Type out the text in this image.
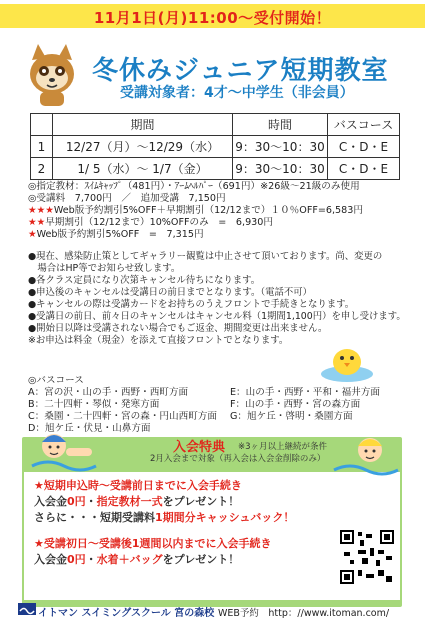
11月1日(月)11:00～受付開始！
冬休みジュニア短期教室
受講対象者：4才～中学生（非会員）
	期間	時間	バスコース
1	12/27（月）～12/29（水）	9：30～10：30	C・D・E
2	1/ 5（水）～ 1/7（金）	9：30～10：30	C・D・E
◎指定教材：ｽｲﾑｷｬｯﾌﾟ（481円）・ｱｰﾑﾍﾙﾊﾟｰ（691円）※26級～21級のみ使用
◎受講料　7,700円　／　追加受講　7,150円
★★★Web版予約割引5%OFF＋早期割引（12/12まで）１０％OFF=6,583円
★★早期割引（12/12まで）10%OFFのみ　=　6,930円
★Web版予約割引5%OFF　=　7,315円
●現在、感染防止策としてギャラリー観覧は中止させて頂いております。尚、変更の
　場合はHP等でお知らせ致します。
●各クラス定員になり次第キャンセル待ちになります。
●申込後のキャンセルは受講日の前日までとなります。（電話不可）
●キャンセルの際は受講カードをお持ちのうえフロントで手続きとなります。
●受講日の前日、前々日のキャンセルはキャンセル料（1期間1,100円）を申し受けます。
●開始日以降は受講されない場合でもご返金、期間変更は出来ません。
※お申込は料金（現金）を添えて直接フロントでとなります。
◎バスコース
A：宮の沢・山の手・西野・西町方面
B：二十四軒・琴似・発寒方面
C：桑園・二十四軒・宮の森・円山西町方面
D：旭ケ丘・伏見・山鼻方面
E：山の手・西野・平和・福井方面
F：山の手・西野・宮の森方面
G：旭ケ丘・啓明・桑園方面
入会特典 ※3ヶ月以上継続が条件
2月入会まで対象（再入会は入会金削除のみ）
★短期申込時～受講前日までに入会手続き
入会金0円・指定教材一式をプレゼント！
さらに・・・短期受講料1期間分キャッシュバック！
★受講初日～受講後1週間以内までに入会手続き
入会金0円・水着＋バッグをプレゼント！
イトマン スイミングスクール 宮の森校 WEB予約　http：//www.itoman.com/
